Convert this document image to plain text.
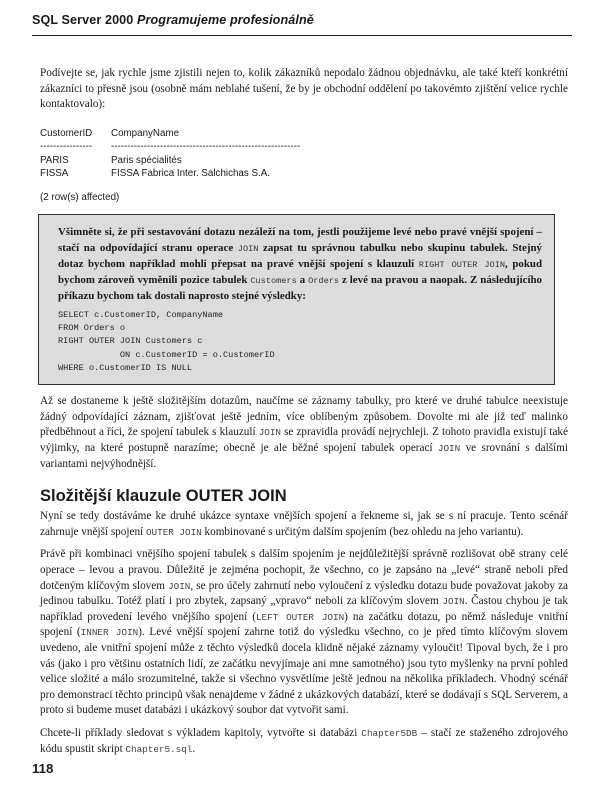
SQL Server 2000 Programujeme profesionálně

Podívejte se, jak rychle jsme zjistili nejen to, kolik zákazníků nepodalo žádnou objednávku, ale také kteří konkrétní zákazníci to přesně jsou (osobně mám neblahé tušení, že by je obchodní oddělení po takovémto zjištění velice rychle kontaktovalo):

CustomerID	CompanyName
----------------	----------------------------------------------------------
PARIS	Paris spécialités
FISSA	FISSA Fabrica Inter. Salchichas S.A.
(2 row(s) affected)

Všimněte si, že při sestavování dotazu nezáleží na tom, jestli použijeme levé nebo pravé vnější spojení – stačí na odpovídající stranu operace JOIN zapsat tu správnou tabulku nebo skupinu tabulek. Stejný dotaz bychom například mohli přepsat na pravé vnější spojení s klauzulí RIGHT OUTER JOIN, pokud bychom zároveň vyměnili pozice tabulek Customers a Orders z levé na pravou a naopak. Z následujícího příkazu bychom tak dostali naprosto stejné výsledky:

SELECT c.CustomerID, CompanyName
FROM Orders o
RIGHT OUTER JOIN Customers c
ON c.CustomerID = o.CustomerID
WHERE o.CustomerID IS NULL

Až se dostaneme k ještě složitějším dotazům, naučíme se záznamy tabulky, pro které ve druhé tabulce neexistuje žádný odpovídající záznam, zjišťovat ještě jedním, více oblíbeným způsobem. Dovolte mi ale již teď malinko předběhnout a říci, že spojení tabulek s klauzulí JOIN se zpravidla provádí nejrychleji. Z tohoto pravidla existují také výjimky, na které postupně narazíme; obecně je ale běžné spojení tabulek operací JOIN ve srovnání s dalšími variantami nejvýhodnější.

Složitější klauzule OUTER JOIN

Nyní se tedy dostáváme ke druhé ukázce syntaxe vnějších spojení a řekneme si, jak se s ní pracuje. Tento scénář zahrnuje vnější spojení OUTER JOIN kombinované s určitým dalším spojením (bez ohledu na jeho variantu).

Právě při kombinaci vnějšího spojení tabulek s dalším spojením je nejdůležitější správně rozlišovat obě strany celé operace – levou a pravou. Důležité je zejména pochopit, že všechno, co je zapsáno na „levé“ straně neboli před dotčeným klíčovým slovem JOIN, se pro účely zahrnutí nebo vyloučení z výsledku dotazu bude považovat jakoby za jedinou tabulku. Totéž platí i pro zbytek, zapsaný „vpravo“ neboli za klíčovým slovem JOIN. Častou chybou je tak například provedení levého vnějšího spojení (LEFT OUTER JOIN) na začátku dotazu, po němž následuje vnitřní spojení (INNER JOIN). Levé vnější spojení zahrne totiž do výsledku všechno, co je před tímto klíčovým slovem uvedeno, ale vnitřní spojení může z těchto výsledků docela klidně nějaké záznamy vyloučit! Tipoval bych, že i pro vás (jako i pro většinu ostatních lidí, ze začátku nevyjímaje ani mne samotného) jsou tyto myšlenky na první pohled velice složité a málo srozumitelné, takže si všechno vysvětlíme ještě jednou na několika příkladech. Vhodný scénář pro demonstraci těchto principů však nenajdeme v žádné z ukázkových databází, které se dodávají s SQL Serverem, a proto si budeme muset databázi i ukázkový soubor dat vytvořit sami.

Chcete-li příklady sledovat s výkladem kapitoly, vytvořte si databázi Chapter5DB – stačí ze staženého zdrojového kódu spustit skript Chapter5.sql.

118
